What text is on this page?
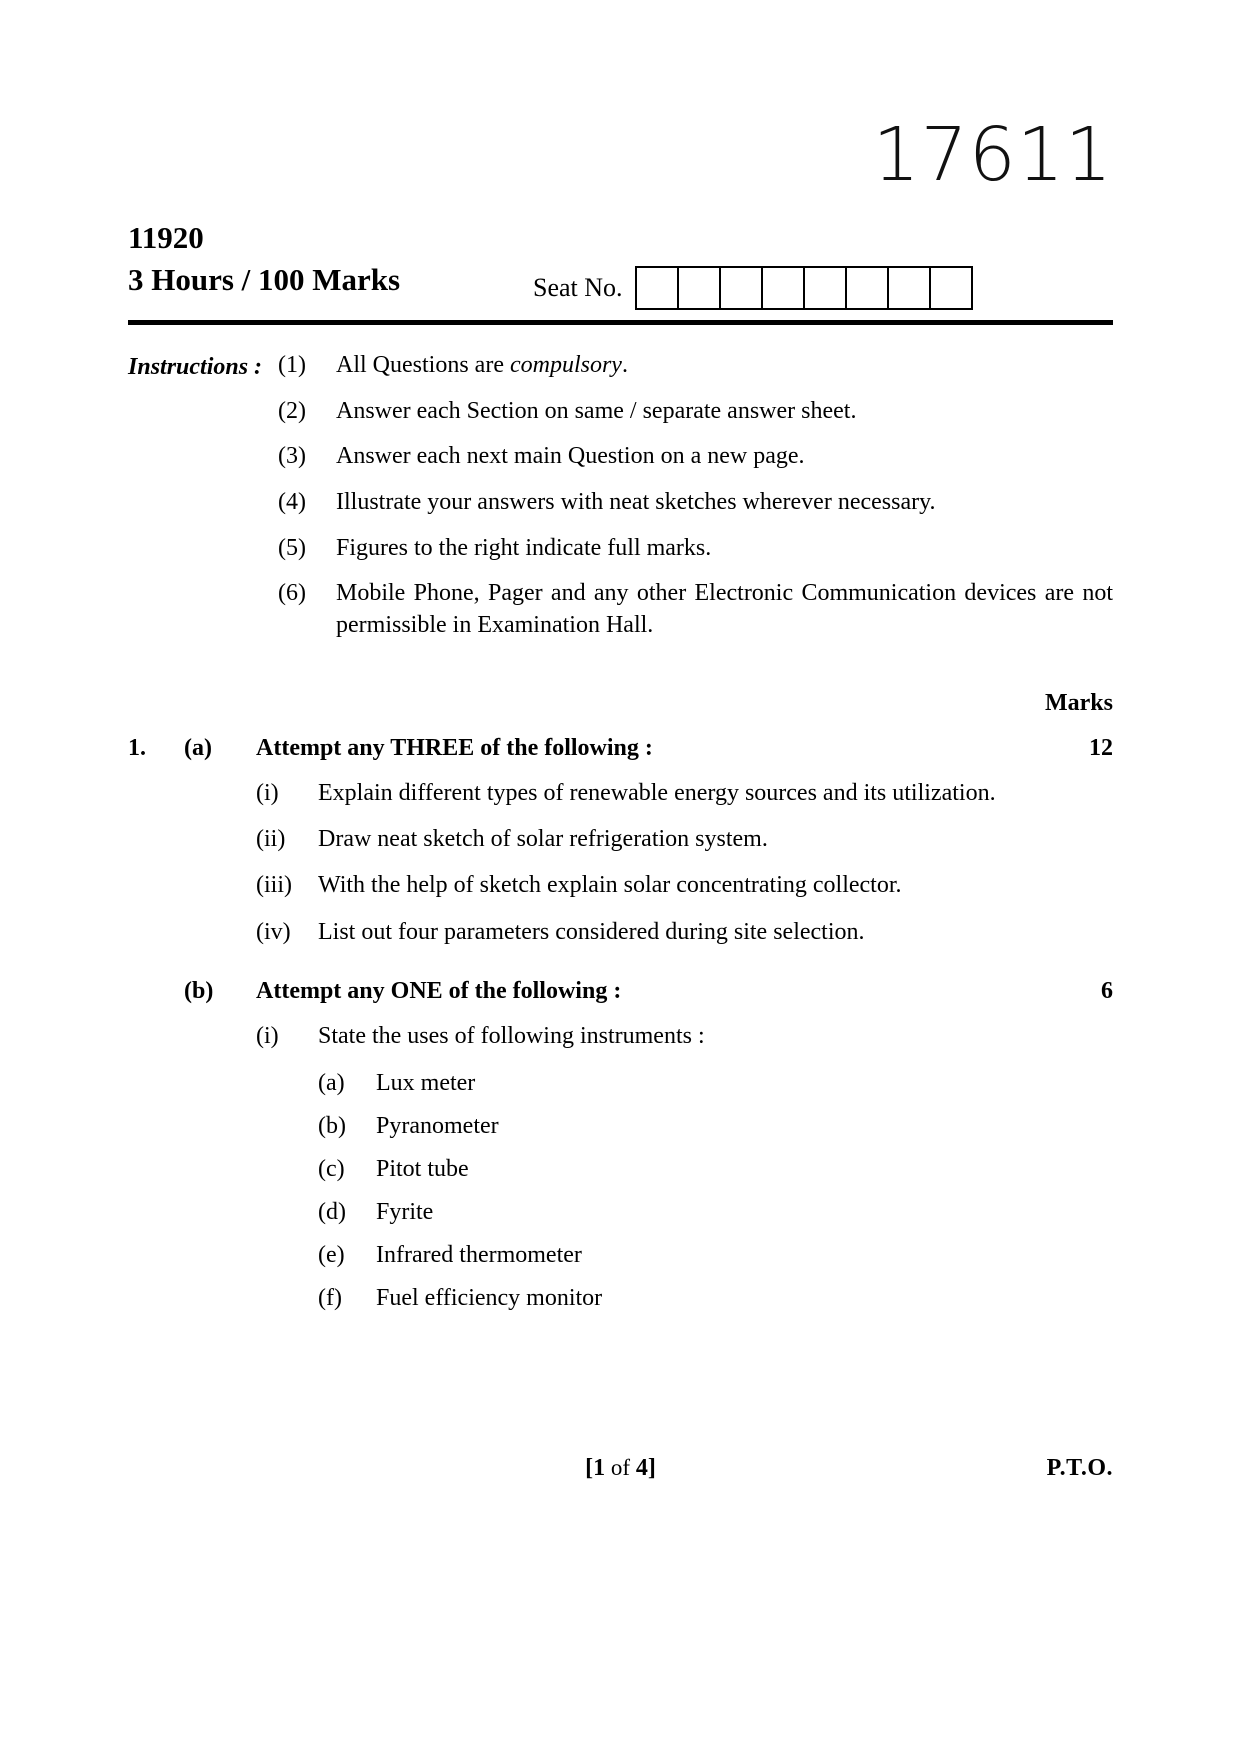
17611
11920
3 Hours / 100 Marks	Seat No.
Instructions : (1)	All Questions are compulsory.
(2)	Answer each Section on same / separate answer sheet.
(3)	Answer each next main Question on a new page.
(4)	Illustrate your answers with neat sketches wherever necessary.
(5)	Figures to the right indicate full marks.
(6)	Mobile Phone, Pager and any other Electronic Communication devices are not permissible in Examination Hall.
Marks
1.	(a)	Attempt any THREE of the following :	12
(i)	Explain different types of renewable energy sources and its utilization.
(ii)	Draw neat sketch of solar refrigeration system.
(iii)	With the help of sketch explain solar concentrating collector.
(iv)	List out four parameters considered during site selection.
(b)	Attempt any ONE of the following :	6
(i)	State the uses of following instruments :
(a)	Lux meter
(b)	Pyranometer
(c)	Pitot tube
(d)	Fyrite
(e)	Infrared thermometer
(f)	Fuel efficiency monitor
[1 of 4]	P.T.O.
